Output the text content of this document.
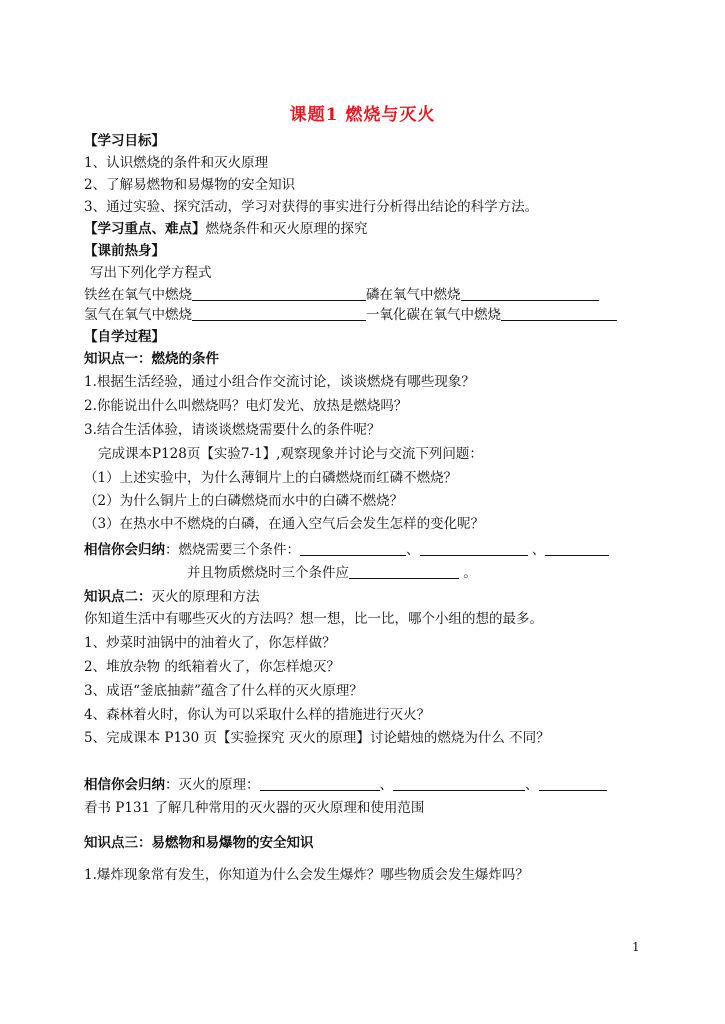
课题1 燃烧与灭火
【学习目标】
1、认识燃烧的条件和灭火原理
2、了解易燃物和易爆物的安全知识
3、通过实验、探究活动，学习对获得的事实进行分析得出结论的科学方法。
【学习重点、难点】燃烧条件和灭火原理的探究
【课前热身】
写出下列化学方程式
铁丝在氧气中燃烧	磷在氧气中燃烧
氢气在氧气中燃烧	一氧化碳在氧气中燃烧
【自学过程】
知识点一：燃烧的条件
1.根据生活经验，通过小组合作交流讨论，谈谈燃烧有哪些现象？
2.你能说出什么叫燃烧吗？电灯发光、放热是燃烧吗？
3.结合生活体验，请谈谈燃烧需要什么的条件呢？
完成课本P128页【实验7-1】,观察现象并讨论与交流下列问题：
（1）上述实验中，为什么薄铜片上的白磷燃烧而红磷不燃烧？
（2）为什么铜片上的白磷燃烧而水中的白磷不燃烧？
（3）在热水中不燃烧的白磷，在通入空气后会发生怎样的变化呢？
相信你会归纳：燃烧需要三个条件：	、	、
并且物质燃烧时三个条件应	。
知识点二：灭火的原理和方法
你知道生活中有哪些灭火的方法吗？想一想，比一比，哪个小组的想的最多。
1、炒菜时油锅中的油着火了，你怎样做？
2、堆放杂物 的纸箱着火了，你怎样熄灭？
3、成语“釜底抽薪”蕴含了什么样的灭火原理？
4、森林着火时，你认为可以采取什么样的措施进行灭火？
5、完成课本 P130 页【实验探究 灭火的原理】讨论蜡烛的燃烧为什么 不同？
相信你会归纳：灭火的原理：	、	、
看书 P131 了解几种常用的灭火器的灭火原理和使用范围
知识点三：易燃物和易爆物的安全知识
1.爆炸现象常有发生，你知道为什么会发生爆炸？哪些物质会发生爆炸吗？
1
